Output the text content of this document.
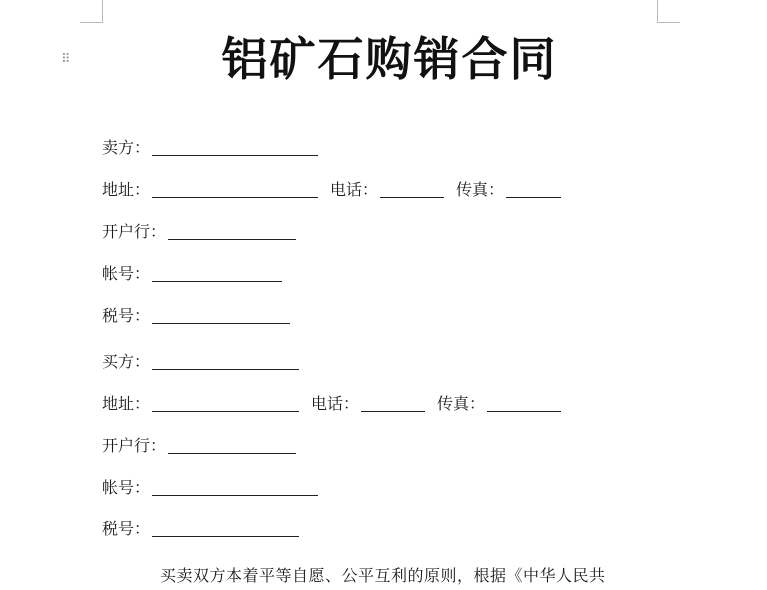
⠿	铝矿石购销合同
卖方：
地址：	电话：	传真：
开户行：
帐号：
税号：
买方：
地址：	电话：	传真：
开户行：
帐号：
税号：
买卖双方本着平等自愿、公平互利的原则，根据《中华人民共
